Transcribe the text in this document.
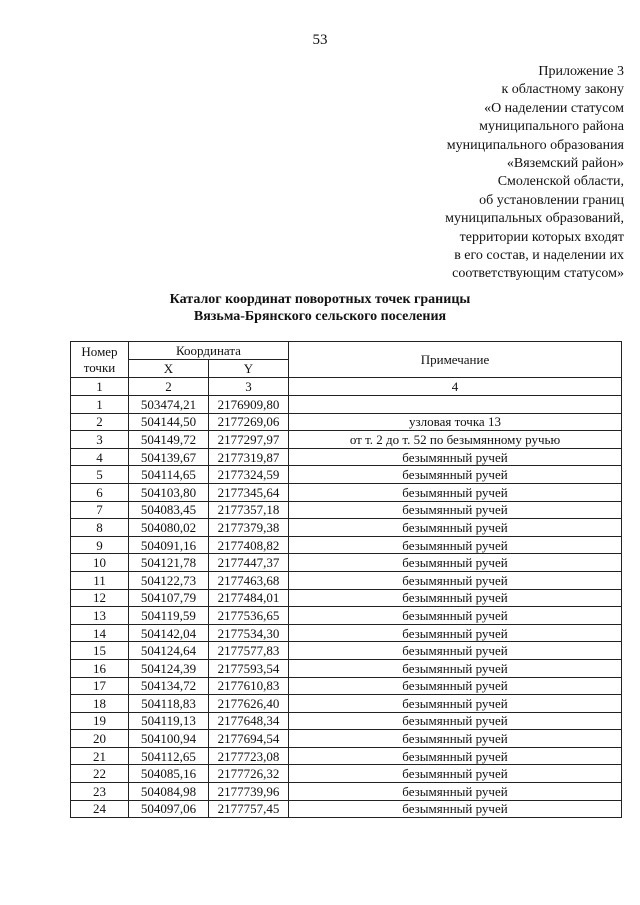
53
Приложение 3
к областному закону
«О наделении статусом
муниципального района
муниципального образования
«Вяземский район»
Смоленской области,
об установлении границ
муниципальных образований,
территории которых входят
в его состав, и наделении их
соответствующим статусом»
Каталог координат поворотных точек границы
Вязьма-Брянского сельского поселения
Номер
точки	Координата		Примечание
	X	Y	
1	2	3	4
1	503474,21	2176909,80	
2	504144,50	2177269,06	узловая точка 13
3	504149,72	2177297,97	от т. 2 до т. 52 по безымянному ручью
4	504139,67	2177319,87	безымянный ручей
5	504114,65	2177324,59	безымянный ручей
6	504103,80	2177345,64	безымянный ручей
7	504083,45	2177357,18	безымянный ручей
8	504080,02	2177379,38	безымянный ручей
9	504091,16	2177408,82	безымянный ручей
10	504121,78	2177447,37	безымянный ручей
11	504122,73	2177463,68	безымянный ручей
12	504107,79	2177484,01	безымянный ручей
13	504119,59	2177536,65	безымянный ручей
14	504142,04	2177534,30	безымянный ручей
15	504124,64	2177577,83	безымянный ручей
16	504124,39	2177593,54	безымянный ручей
17	504134,72	2177610,83	безымянный ручей
18	504118,83	2177626,40	безымянный ручей
19	504119,13	2177648,34	безымянный ручей
20	504100,94	2177694,54	безымянный ручей
21	504112,65	2177723,08	безымянный ручей
22	504085,16	2177726,32	безымянный ручей
23	504084,98	2177739,96	безымянный ручей
24	504097,06	2177757,45	безымянный ручей
